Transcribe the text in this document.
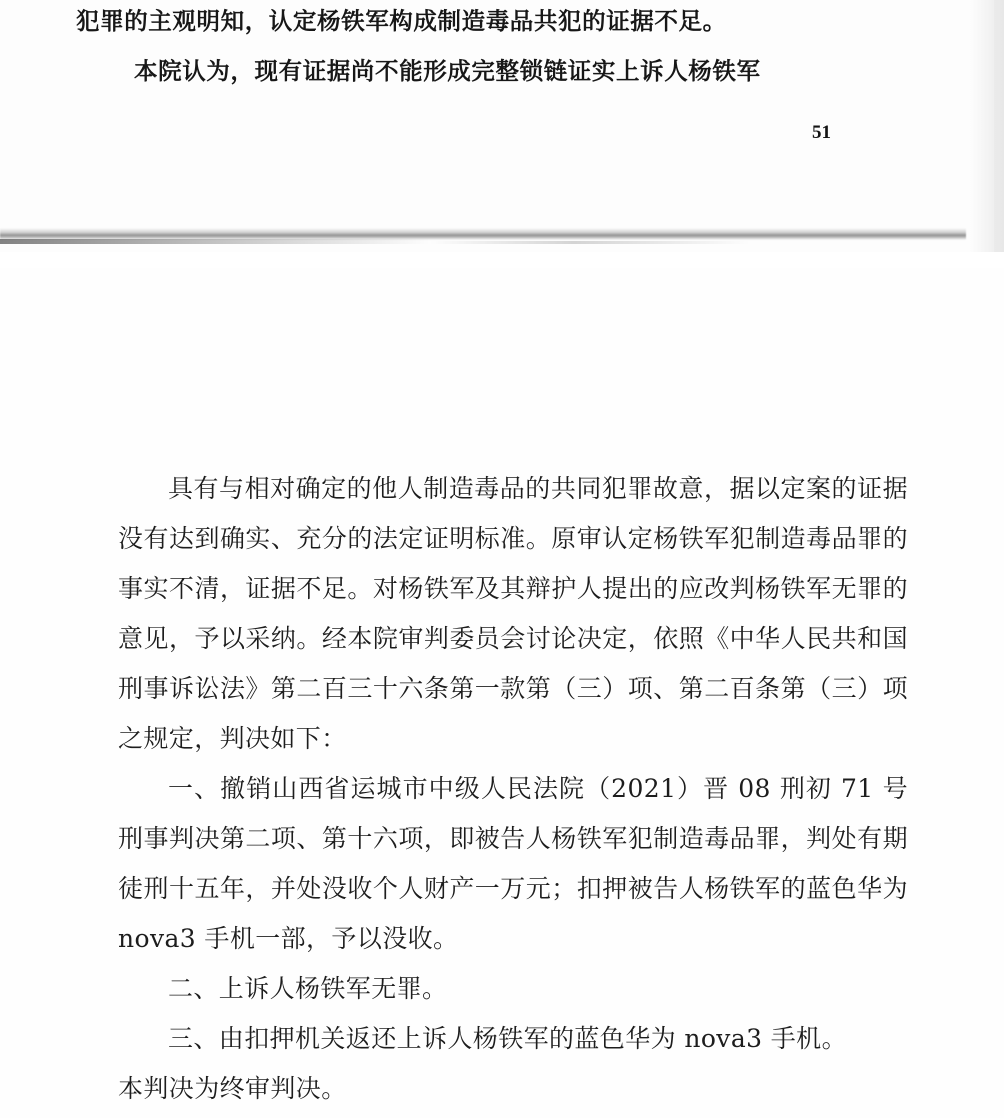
犯罪的主观明知，认定杨铁军构成制造毒品共犯的证据不足。
本院认为，现有证据尚不能形成完整锁链证实上诉人杨铁军
51

具有与相对确定的他人制造毒品的共同犯罪故意，据以定案的证据没有达到确实、充分的法定证明标准。原审认定杨铁军犯制造毒品罪的事实不清，证据不足。对杨铁军及其辩护人提出的应改判杨铁军无罪的意见，予以采纳。经本院审判委员会讨论决定，依照《中华人民共和国刑事诉讼法》第二百三十六条第一款第（三）项、第二百条第（三）项之规定，判决如下：

一、撤销山西省运城市中级人民法院（2021）晋 08 刑初 71 号刑事判决第二项、第十六项，即被告人杨铁军犯制造毒品罪，判处有期徒刑十五年，并处没收个人财产一万元；扣押被告人杨铁军的蓝色华为 nova3 手机一部，予以没收。

二、上诉人杨铁军无罪。

三、由扣押机关返还上诉人杨铁军的蓝色华为 nova3 手机。

本判决为终审判决。
